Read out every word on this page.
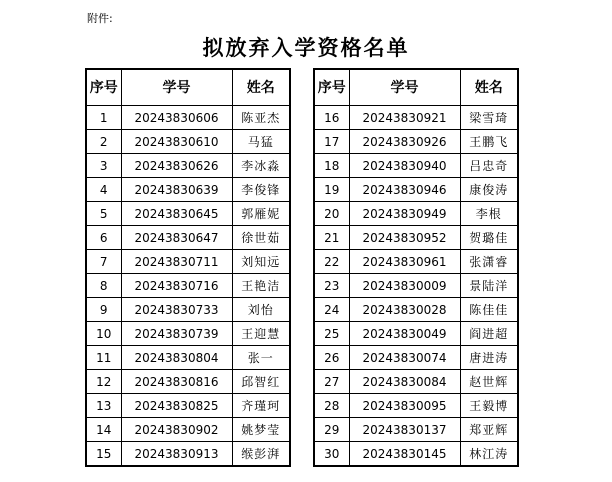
附件:
拟放弃入学资格名单
序号	学号	姓名
1	20243830606	陈亚杰
2	20243830610	马猛
3	20243830626	李冰淼
4	20243830639	李俊锋
5	20243830645	郭雁妮
6	20243830647	徐世茹
7	20243830711	刘知远
8	20243830716	王艳洁
9	20243830733	刘怡
10	20243830739	王迎慧
11	20243830804	张一
12	20243830816	邱智红
13	20243830825	齐瑾珂
14	20243830902	姚梦莹
15	20243830913	缑彭湃
序号	学号	姓名
16	20243830921	梁雪琦
17	20243830926	王鹏飞
18	20243830940	吕忠奇
19	20243830946	康俊涛
20	20243830949	李根
21	20243830952	贺璐佳
22	20243830961	张潇睿
23	20243830009	景陆洋
24	20243830028	陈佳佳
25	20243830049	阎进超
26	20243830074	唐进涛
27	20243830084	赵世辉
28	20243830095	王毅博
29	20243830137	郑亚辉
30	20243830145	林江涛
